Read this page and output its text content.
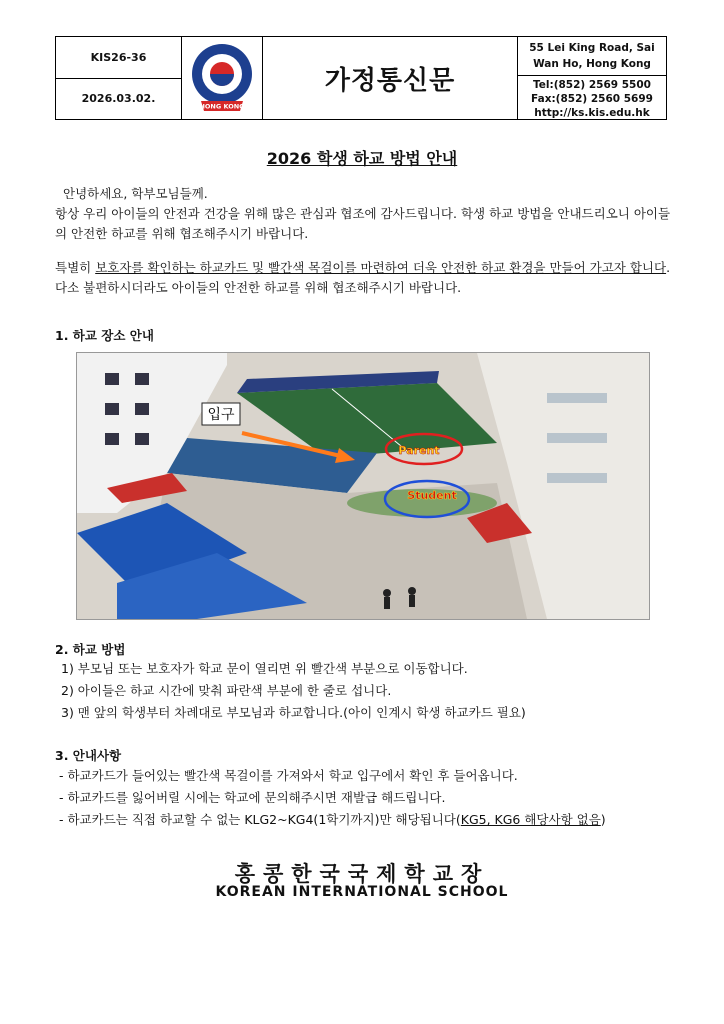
KIS26-36
2026.03.02.
HONG KONG
가정통신문
55 Lei King Road, Sai
Wan Ho, Hong Kong
Tel:(852) 2569 5500
Fax:(852) 2560 5699
http://ks.kis.edu.hk
2026 학생 하교 방법 안내
안녕하세요, 학부모님들께.
항상 우리 아이들의 안전과 건강을 위해 많은 관심과 협조에 감사드립니다. 학생 하교 방법을 안내드리오니 아이들의 안전한 하교를 위해 협조해주시기 바랍니다.
특별히 보호자를 확인하는 하교카드 및 빨간색 목걸이를 마련하여 더욱 안전한 하교 환경을 만들어 가고자 합니다. 다소 불편하시더라도 아이들의 안전한 하교를 위해 협조해주시기 바랍니다.
1. 하교 장소 안내
입구
Parent
Student
2. 하교 방법
1) 부모님 또는 보호자가 학교 문이 열리면 위 빨간색 부분으로 이동합니다.
2) 아이들은 하교 시간에 맞춰 파란색 부분에 한 줄로 섭니다.
3) 맨 앞의 학생부터 차례대로 부모님과 하교합니다.(아이 인계시 학생 하교카드 필요)
3. 안내사항
- 하교카드가 들어있는 빨간색 목걸이를 가져와서 학교 입구에서 확인 후 들어옵니다.
- 하교카드를 잃어버릴 시에는 학교에 문의해주시면 재발급 해드립니다.
- 하교카드는 직접 하교할 수 없는 KLG2~KG4(1학기까지)만 해당됩니다(KG5, KG6 해당사항 없음)
홍콩한국국제학교장
KOREAN INTERNATIONAL SCHOOL
